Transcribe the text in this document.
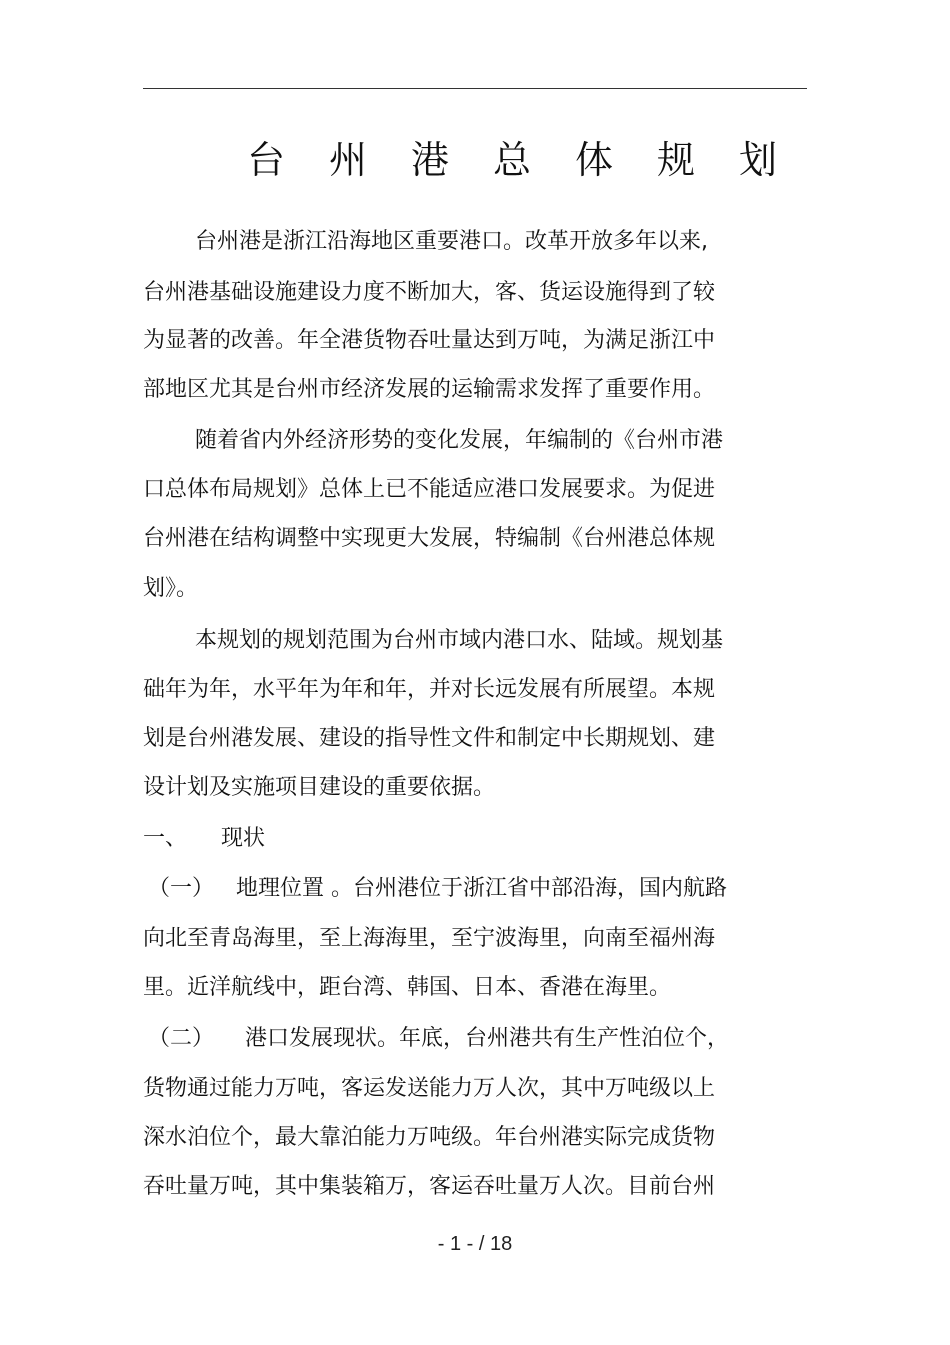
台州港总体规划
台州港是浙江沿海地区重要港口。改革开放多年以来,
台州港基础设施建设力度不断加大，客、货运设施得到了较
为显著的改善。年全港货物吞吐量达到万吨，为满足浙江中
部地区尤其是台州市经济发展的运输需求发挥了重要作用。
随着省内外经济形势的变化发展，年编制的《台州市港
口总体布局规划》总体上已不能适应港口发展要求。为促进
台州港在结构调整中实现更大发展，特编制《台州港总体规
划》。
本规划的规划范围为台州市域内港口水、陆域。规划基
础年为年，水平年为年和年，并对长远发展有所展望。本规
划是台州港发展、建设的指导性文件和制定中长期规划、建
设计划及实施项目建设的重要依据。
一、 现状
（一） 地理位置 。台州港位于浙江省中部沿海，国内航路
向北至青岛海里，至上海海里，至宁波海里，向南至福州海
里。近洋航线中，距台湾、韩国、日本、香港在海里。
（二） 港口发展现状。年底，台州港共有生产性泊位个，
货物通过能力万吨，客运发送能力万人次，其中万吨级以上
深水泊位个，最大靠泊能力万吨级。年台州港实际完成货物
吞吐量万吨，其中集装箱万，客运吞吐量万人次。目前台州
- 1 - / 18
